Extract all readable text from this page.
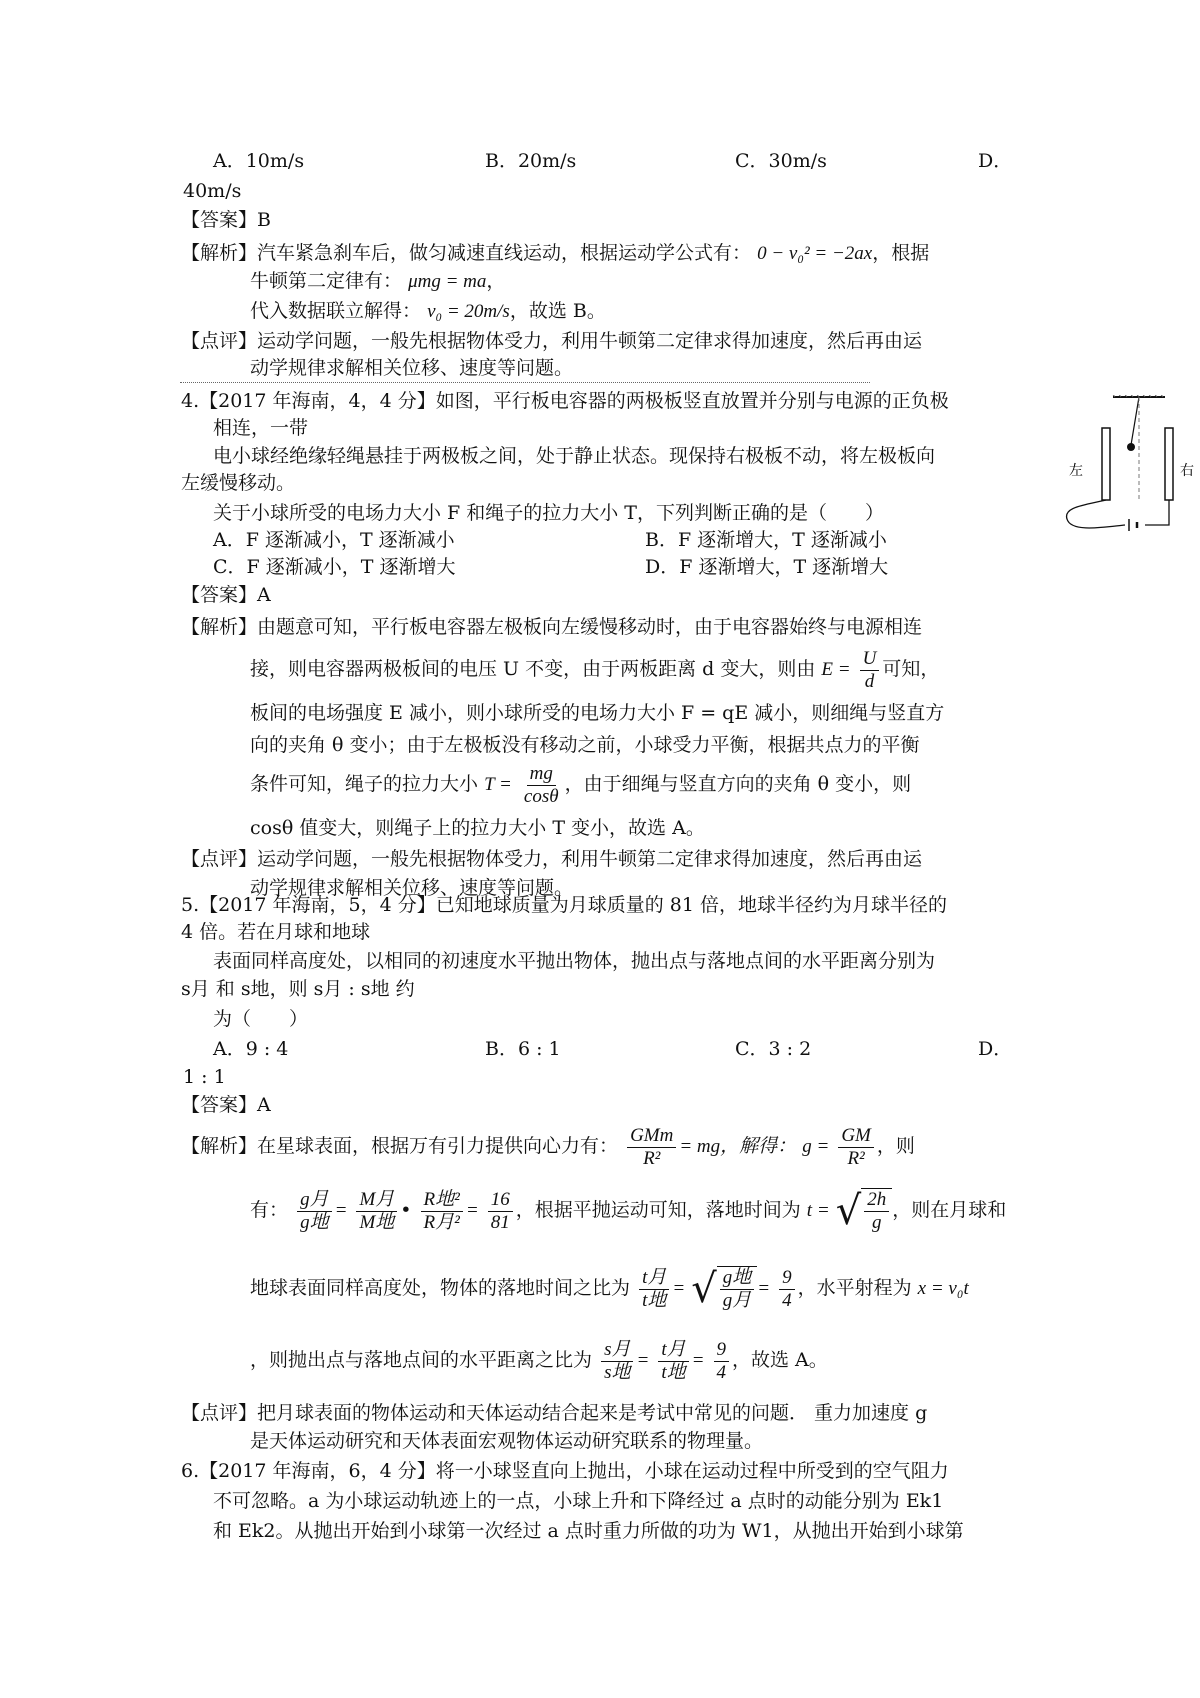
A．10m/s	B．20m/s	C．30m/s	D．
40m/s
【答案】B
【解析】汽车紧急刹车后，做匀减速直线运动，根据运动学公式有： 0 − v₀² = −2ax，根据
牛顿第二定律有： μmg = ma，
代入数据联立解得： v₀ = 20m/s，故选 B。
【点评】运动学问题，一般先根据物体受力，利用牛顿第二定律求得加速度，然后再由运
动学规律求解相关位移、速度等问题。
4.【2017 年海南，4，4 分】如图，平行板电容器的两极板竖直放置并分别与电源的正负极
相连，一带
电小球经绝缘轻绳悬挂于两极板之间，处于静止状态。现保持右极板不动，将左极板向
左缓慢移动。
关于小球所受的电场力大小 F 和绳子的拉力大小 T，下列判断正确的是（　　）
A．F 逐渐减小，T 逐渐减小	B．F 逐渐增大，T 逐渐减小
C．F 逐渐减小，T 逐渐增大	D．F 逐渐增大，T 逐渐增大
【答案】A
【解析】由题意可知，平行板电容器左极板向左缓慢移动时，由于电容器始终与电源相连
接，则电容器两极板间的电压 U 不变，由于两板距离 d 变大，则由 $E = \frac{U}{d}$ 可知，
板间的电场强度 E 减小，则小球所受的电场力大小 F = qE 减小，则细绳与竖直方
向的夹角 θ 变小；由于左极板没有移动之前，小球受力平衡，根据共点力的平衡
条件可知，绳子的拉力大小 $T = \frac{mg}{\cos\theta}$ ，由于细绳与竖直方向的夹角 θ 变小，则
cosθ 值变大，则绳子上的拉力大小 T 变小，故选 A。
【点评】运动学问题，一般先根据物体受力，利用牛顿第二定律求得加速度，然后再由运
动学规律求解相关位移、速度等问题。
左	右
5.【2017 年海南，5，4 分】已知地球质量为月球质量的 81 倍，地球半径约为月球半径的
4 倍。若在月球和地球
表面同样高度处，以相同的初速度水平抛出物体，抛出点与落地点间的水平距离分别为
s月 和 s地，则 s月 : s地 约
为（　　）
A．9 : 4	B．6 : 1	C．3 : 2	D．
1 : 1
【答案】A
【解析】在星球表面，根据万有引力提供向心力有： $\frac{\text{GMm}}{\text{R²}}$ = mg，解得： $g = \frac{GM}{\text{R²}}$ ，则
有： $\frac{\text{g月}}{\text{g地}} = \frac{\text{M月}}{\text{M地}}$ • $\frac{\text{R地²}}{\text{R月²}} = \frac{16}{81}$ ，根据平抛运动可知，落地时间为 t = √ $\frac{2h}{g}$ ，则在月球和
地球表面同样高度处，物体的落地时间之比为 $\frac{\text{t月}}{\text{t地}}$ = √ $\frac{\text{g地}}{\text{g月}} = \frac{9}{4}$ ，水平射程为 x = v₀t
，则抛出点与落地点间的水平距离之比为 $\frac{\text{s月}}{\text{s地}} = \frac{\text{t月}}{\text{t地}} = \frac{9}{4}$ ，故选 A。
【点评】把月球表面的物体运动和天体运动结合起来是考试中常见的问题． 重力加速度 g
是天体运动研究和天体表面宏观物体运动研究联系的物理量。
6.【2017 年海南，6，4 分】将一小球竖直向上抛出，小球在运动过程中所受到的空气阻力
不可忽略。a 为小球运动轨迹上的一点，小球上升和下降经过 a 点时的动能分别为 Ek1
和 Ek2。从抛出开始到小球第一次经过 a 点时重力所做的功为 W1，从抛出开始到小球第
